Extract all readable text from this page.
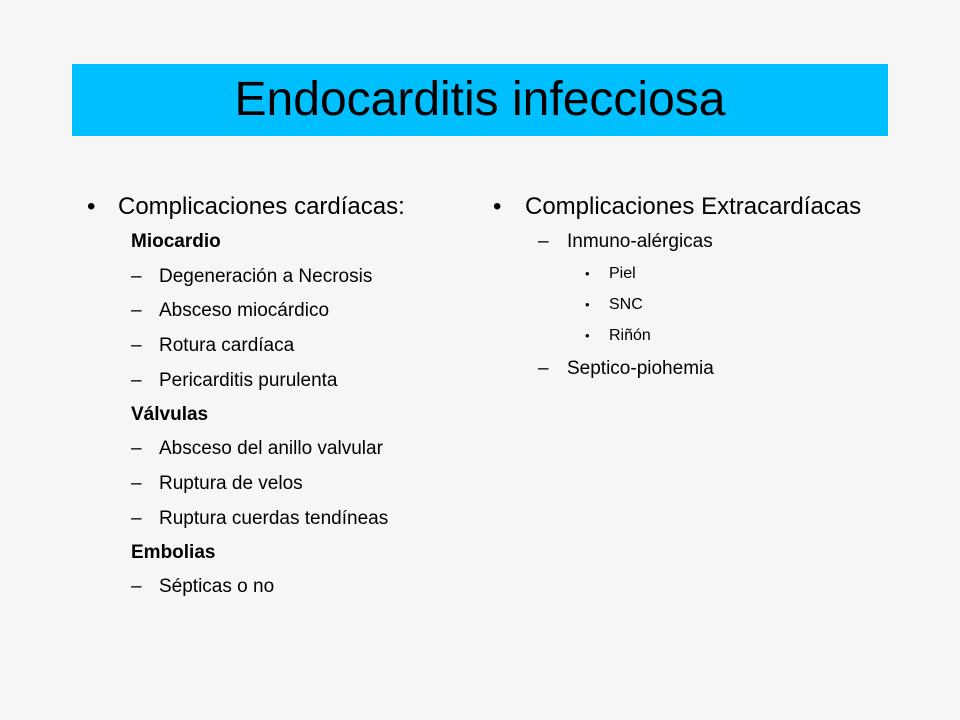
Endocarditis infecciosa
• Complicaciones cardíacas:
Miocardio
– Degeneración a Necrosis
– Absceso miocárdico
– Rotura cardíaca
– Pericarditis purulenta
Válvulas
– Absceso del anillo valvular
– Ruptura de velos
– Ruptura cuerdas tendíneas
Embolias
– Sépticas o no
• Complicaciones Extracardíacas
– Inmuno-alérgicas
• Piel
• SNC
• Riñón
– Septico-piohemia
